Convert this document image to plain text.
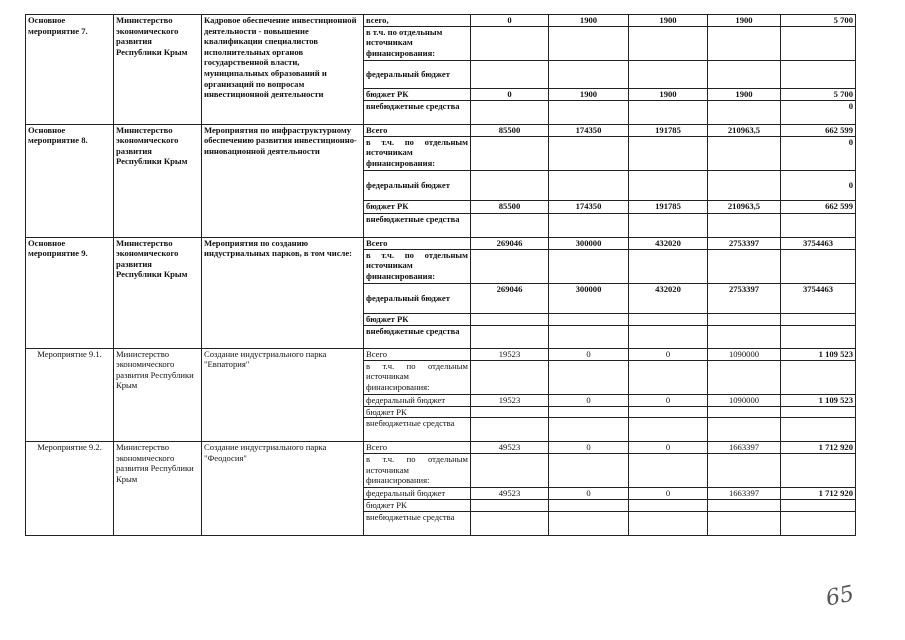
Основное мероприятие 7.	Министерство экономического развития Республики Крым	Кадровое обеспечение инвестиционной деятельности - повышение квалификации специалистов исполнительных органов государственной власти, муниципальных образований и организаций по вопросам инвестиционной деятельности	всего,	0	1900	1900	1900	5 700
			в т.ч. по отдельным источникам финансирования:					
			федеральный бюджет					
			бюджет РК	0	1900	1900	1900	5 700
			внебюджетные средства					0
Основное мероприятие 8.	Министерство экономического развития Республики Крым	Мероприятия по инфраструктурному обеспечению развития инвестиционно-инновационной деятельности	Всего	85500	174350	191785	210963,5	662 599
			в т.ч. по отдельным источникам финансирования:					0
			федеральный бюджет					0
			бюджет РК	85500	174350	191785	210963,5	662 599
			внебюджетные средства					
Основное мероприятие 9.	Министерство экономического развития Республики Крым	Мероприятия по созданию индустриальных парков, в том числе:	Всего	269046	300000	432020	2753397	3754463
			в т.ч. по отдельным источникам финансирования:					
			федеральный бюджет	269046	300000	432020	2753397	3754463
			бюджет РК					
			внебюджетные средства					
Мероприятие 9.1.	Министерство экономического развития Республики Крым	Создание индустриального парка "Евпатория"	Всего	19523	0	0	1090000	1 109 523
			в т.ч. по отдельным источникам финансирования:					
			федеральный бюджет	19523	0	0	1090000	1 109 523
			бюджет РК					
			внебюджетные средства					
Мероприятие 9.2.	Министерство экономического развития Республики Крым	Создание индустриального парка "Феодосия"	Всего	49523	0	0	1663397	1 712 920
			в т.ч. по отдельным источникам финансирования:					
			федеральный бюджет	49523	0	0	1663397	1 712 920
			бюджет РК					
			внебюджетные средства					
65
